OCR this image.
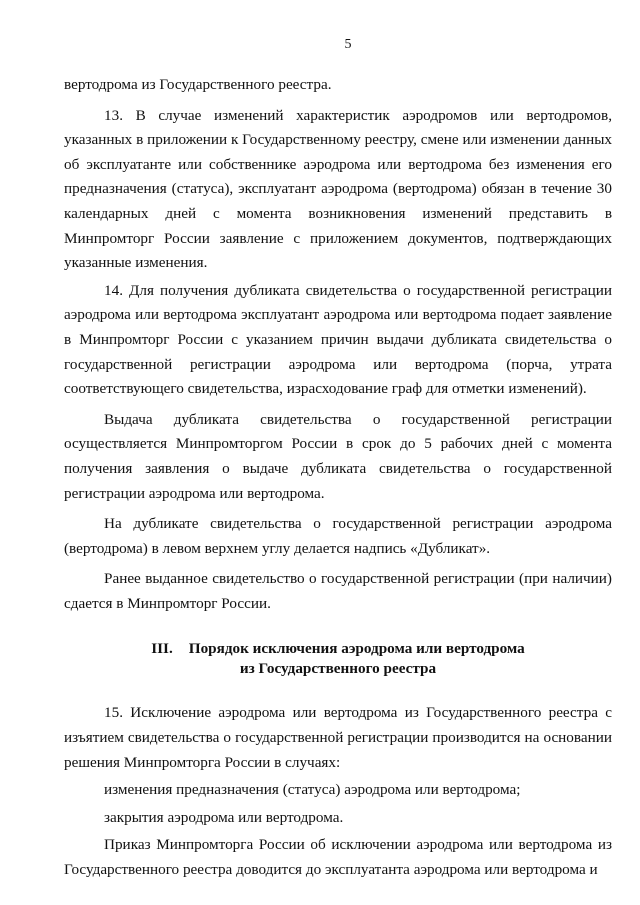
5

вертодрома из Государственного реестра.

13. В случае изменений характеристик аэродромов или вертодромов, указанных в приложении к Государственному реестру, смене или изменении данных об эксплуатанте или собственнике аэродрома или вертодрома без изменения его предназначения (статуса), эксплуатант аэродрома (вертодрома) обязан в течение 30 календарных дней с момента возникновения изменений представить в Минпромторг России заявление с приложением документов, подтверждающих указанные изменения.

14. Для получения дубликата свидетельства о государственной регистрации аэродрома или вертодрома эксплуатант аэродрома или вертодрома подает заявление в Минпромторг России с указанием причин выдачи дубликата свидетельства о государственной регистрации аэродрома или вертодрома (порча, утрата соответствующего свидетельства, израсходование граф для отметки изменений).

Выдача дубликата свидетельства о государственной регистрации осуществляется Минпромторгом России в срок до 5 рабочих дней с момента получения заявления о выдаче дубликата свидетельства о государственной регистрации аэродрома или вертодрома.

На дубликате свидетельства о государственной регистрации аэродрома (вертодрома) в левом верхнем углу делается надпись «Дубликат».

Ранее выданное свидетельство о государственной регистрации (при наличии) сдается в Минпромторг России.

III. Порядок исключения аэродрома или вертодрома
из Государственного реестра

15. Исключение аэродрома или вертодрома из Государственного реестра с изъятием свидетельства о государственной регистрации производится на основании решения Минпромторга России в случаях:

изменения предназначения (статуса) аэродрома или вертодрома;

закрытия аэродрома или вертодрома.

Приказ Минпромторга России об исключении аэродрома или вертодрома из Государственного реестра доводится до эксплуатанта аэродрома или вертодрома и
